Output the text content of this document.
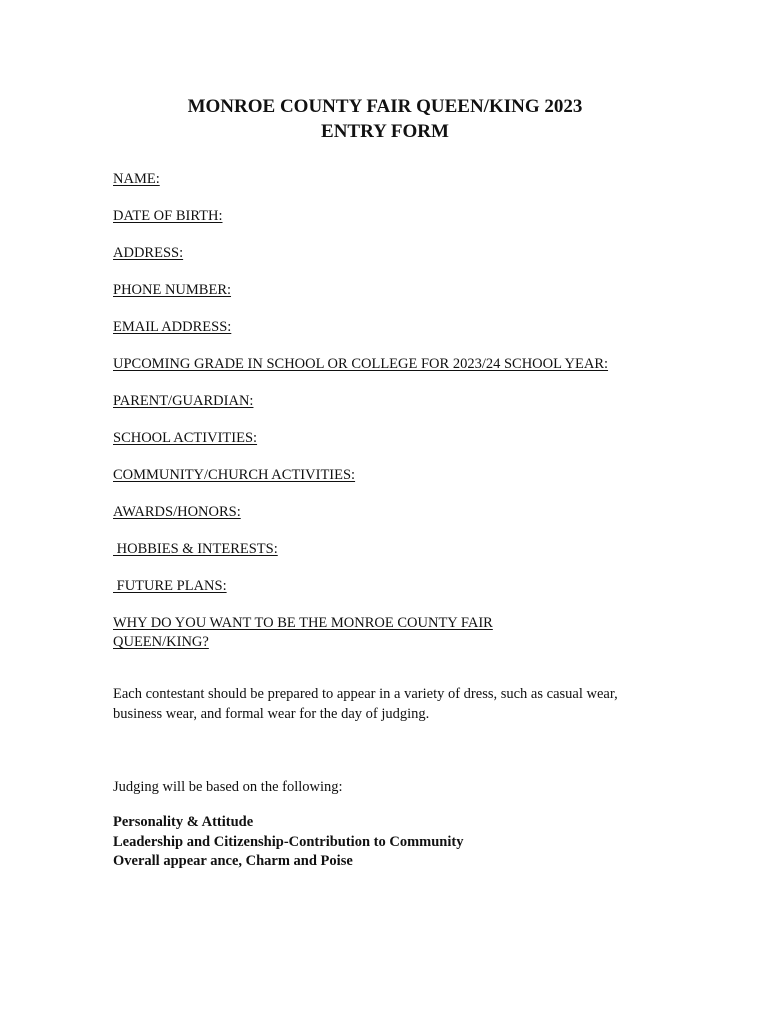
MONROE COUNTY FAIR QUEEN/KING 2023
ENTRY FORM
NAME:
DATE OF BIRTH:
ADDRESS:
PHONE NUMBER:
EMAIL ADDRESS:
UPCOMING GRADE IN SCHOOL OR COLLEGE FOR 2023/24 SCHOOL YEAR:
PARENT/GUARDIAN:
SCHOOL ACTIVITIES:
COMMUNITY/CHURCH ACTIVITIES:
AWARDS/HONORS:
HOBBIES & INTERESTS:
FUTURE PLANS:
WHY DO YOU WANT TO BE THE MONROE COUNTY FAIR QUEEN/KING?
Each contestant should be prepared to appear in a variety of dress, such as casual wear, business wear, and formal wear for the day of judging.
Judging will be based on the following:
Personality & Attitude
Leadership and Citizenship-Contribution to Community
Overall appear ance, Charm and Poise
